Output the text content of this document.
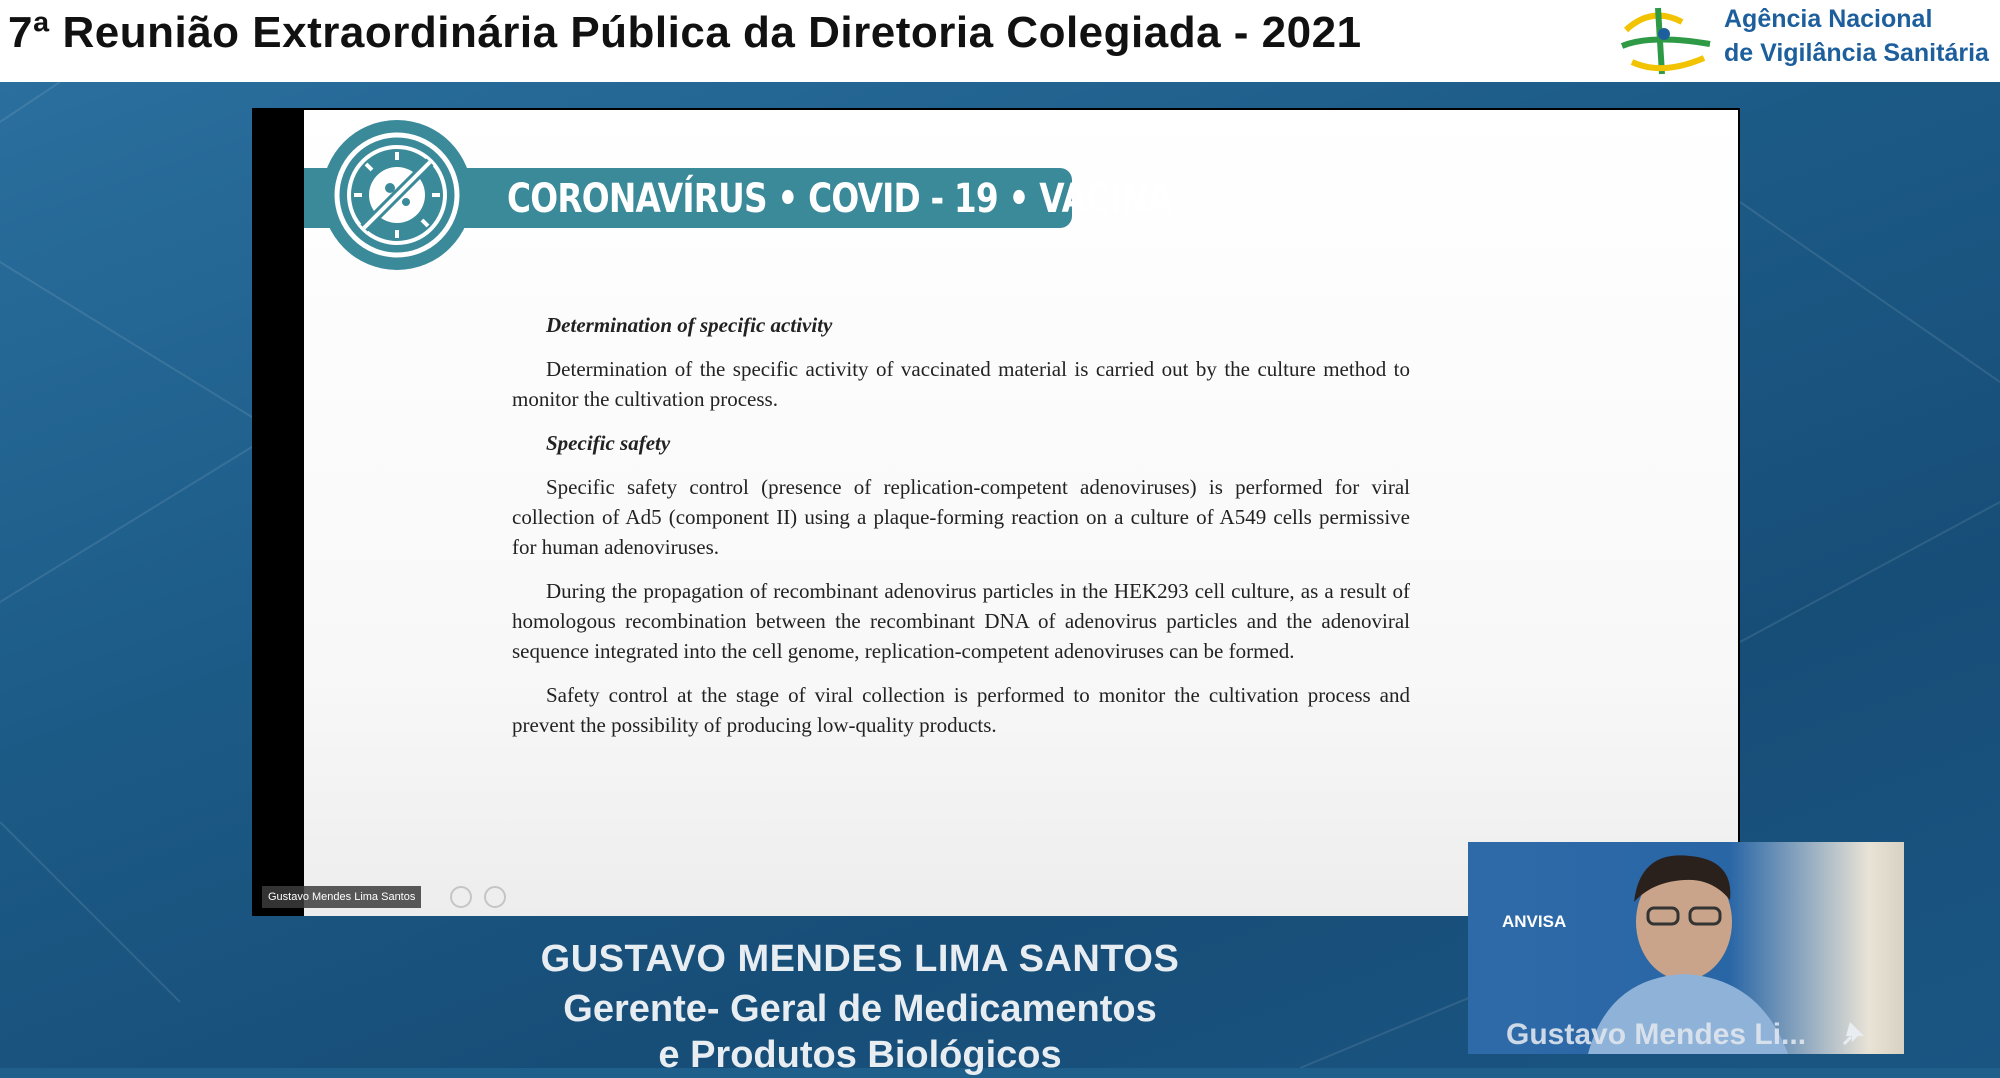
7ª Reunião Extraordinária Pública da Diretoria Colegiada - 2021	Agência Nacional
de Vigilância Sanitária
CORONAVÍRUS • COVID - 19 • VACINA
Determination of specific activity
Determination of the specific activity of vaccinated material is carried out by the culture method to monitor the cultivation process.
Specific safety
Specific safety control (presence of replication-competent adenoviruses) is performed for viral collection of Ad5 (component II) using a plaque-forming reaction on a culture of A549 cells permissive for human adenoviruses.
During the propagation of recombinant adenovirus particles in the HEK293 cell culture, as a result of homologous recombination between the recombinant DNA of adenovirus particles and the adenoviral sequence integrated into the cell genome, replication-competent adenoviruses can be formed.
Safety control at the stage of viral collection is performed to monitor the cultivation process and prevent the possibility of producing low-quality products.
Gustavo Mendes Lima Santos
GUSTAVO MENDES LIMA SANTOS
Gerente- Geral de Medicamentos
e Produtos Biológicos
ANVISA
Gustavo Mendes Li...
